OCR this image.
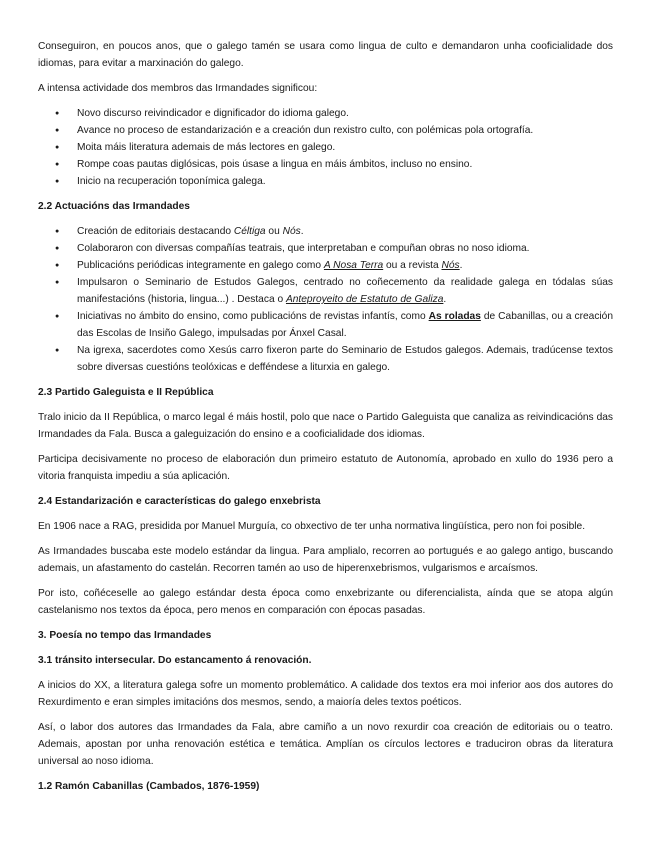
Conseguiron, en poucos anos, que o galego tamén se usara como lingua de culto e demandaron unha cooficialidade dos idiomas, para evitar a marxinación do galego.

A intensa actividade dos membros das Irmandades significou:

● Novo discurso reivindicador e dignificador do idioma galego.
● Avance no proceso de estandarización e a creación dun rexistro culto, con polémicas pola ortografía.
● Moita máis literatura ademais de más lectores en galego.
● Rompe coas pautas diglósicas, pois úsase a lingua en máis ámbitos, incluso no ensino.
● Inicio na recuperación toponímica galega.
2.2 Actuacións das Irmandades
● Creación de editoriais destacando Céltiga ou Nós.
● Colaboraron con diversas compañías teatrais, que interpretaban e compuñan obras no noso idioma.
● Publicacións periódicas integramente en galego como A Nosa Terra ou a revista Nós.
● Impulsaron o Seminario de Estudos Galegos, centrado no coñecemento da realidade galega en tódalas súas manifestacións (historia, lingua...) . Destaca o Anteproyeito de Estatuto de Galiza.
● Iniciativas no ámbito do ensino, como publicacións de revistas infantís, como As roladas de Cabanillas, ou a creación das Escolas de Insiño Galego, impulsadas por Ánxel Casal.
● Na igrexa, sacerdotes como Xesús carro fixeron parte do Seminario de Estudos galegos. Ademais, tradúcense textos sobre diversas cuestións teolóxicas e defféndese a liturxia en galego.
2.3 Partido Galeguista e II República

Tralo inicio da II República, o marco legal é máis hostil, polo que nace o Partido Galeguista que canaliza as reivindicacións das Irmandades da Fala. Busca a galeguización do ensino e a cooficialidade dos idiomas.

Participa decisivamente no proceso de elaboración dun primeiro estatuto de Autonomía, aprobado en xullo do 1936 pero a vitoria franquista impediu a súa aplicación.

2.4 Estandarización e características do galego enxebrista

En 1906 nace a RAG, presidida por Manuel Murguía, co obxectivo de ter unha normativa lingüística, pero non foi posible.

As Irmandades buscaba este modelo estándar da lingua. Para amplialo, recorren ao portugués e ao galego antigo, buscando ademais, un afastamento do castelán. Recorren tamén ao uso de hiperenxebrismos, vulgarismos e arcaísmos.

Por isto, coñéceselle ao galego estándar desta época como enxebrizante ou diferencialista, aínda que se atopa algún castelanismo nos textos da época, pero menos en comparación con épocas pasadas.

3. Poesía no tempo das Irmandades
3.1 tránsito intersecular. Do estancamento á renovación.

A inicios do XX, a literatura galega sofre un momento problemático. A calidade dos textos era moi inferior aos dos autores do Rexurdimento e eran simples imitacións dos mesmos, sendo, a maioría deles textos poéticos.

Así, o labor dos autores das Irmandades da Fala, abre camiño a un novo rexurdir coa creación de editoriais ou o teatro. Ademais, apostan por unha renovación estética e temática. Amplían os círculos lectores e traduciron obras da literatura universal ao noso idioma.

1.2 Ramón Cabanillas (Cambados, 1876-1959)
